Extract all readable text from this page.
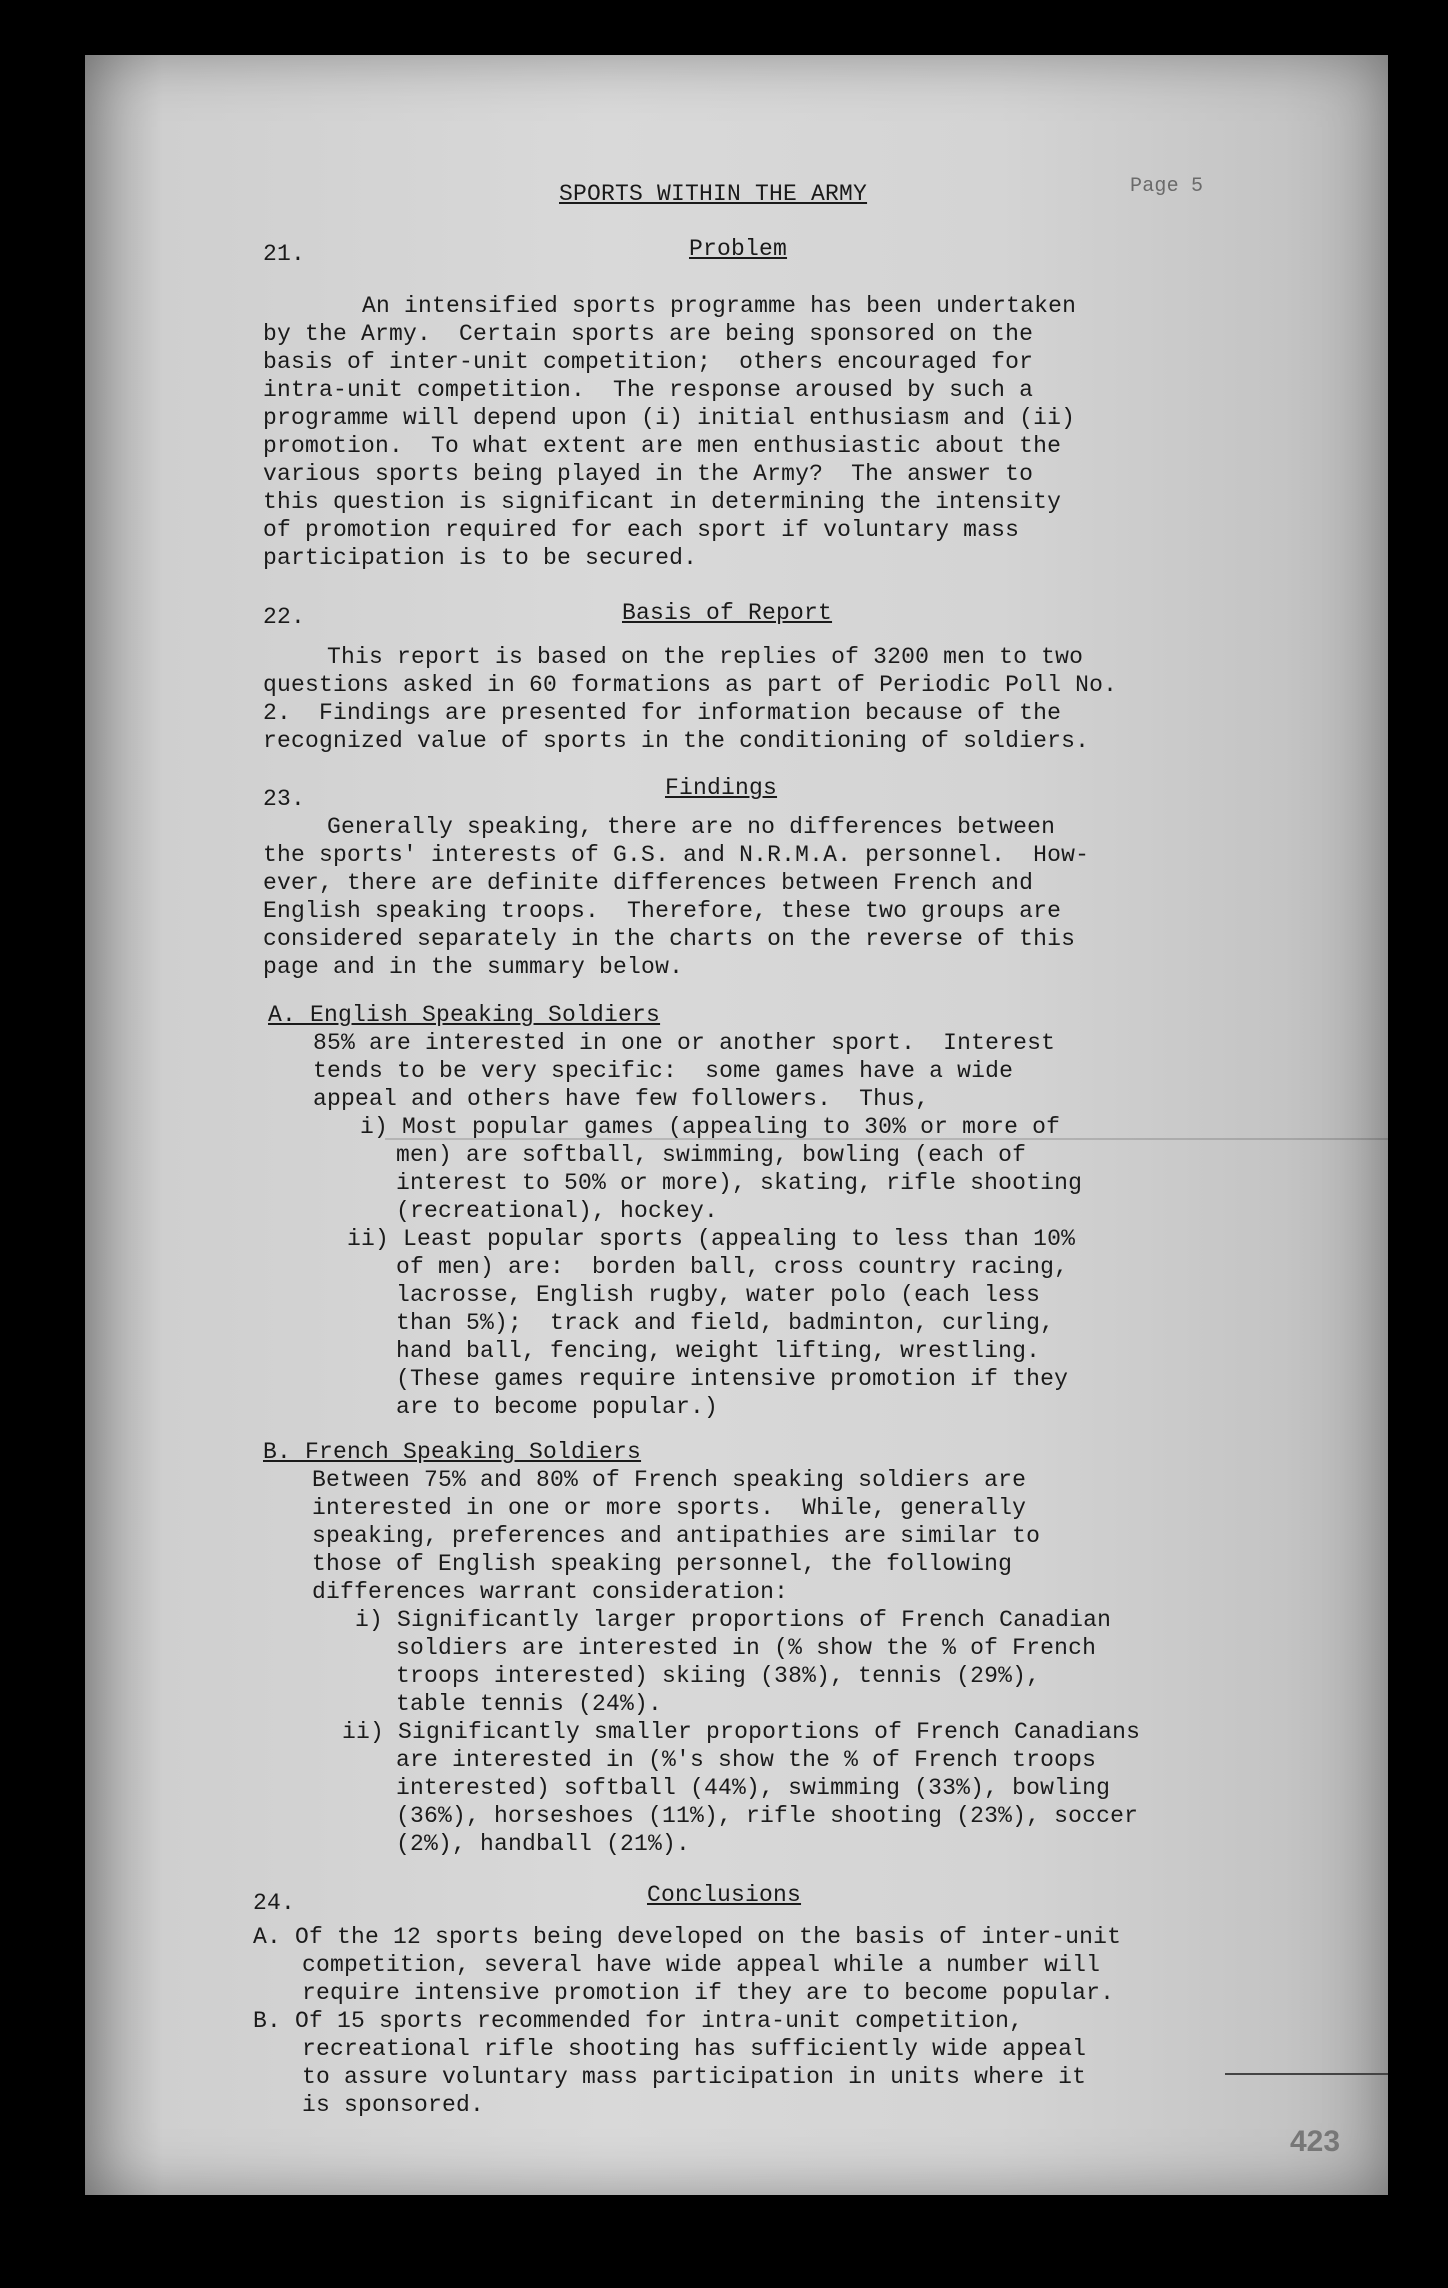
SPORTS WITHIN THE ARMY	Page 5
21.	Problem
An intensified sports programme has been undertaken
by the Army.  Certain sports are being sponsored on the
basis of inter-unit competition;  others encouraged for
intra-unit competition.  The response aroused by such a
programme will depend upon (i) initial enthusiasm and (ii)
promotion.  To what extent are men enthusiastic about the
various sports being played in the Army?  The answer to
this question is significant in determining the intensity
of promotion required for each sport if voluntary mass
participation is to be secured.
22.	Basis of Report
This report is based on the replies of 3200 men to two
questions asked in 60 formations as part of Periodic Poll No.
2.  Findings are presented for information because of the
recognized value of sports in the conditioning of soldiers.
23.	Findings
Generally speaking, there are no differences between
the sports' interests of G.S. and N.R.M.A. personnel.  How-
ever, there are definite differences between French and
English speaking troops.  Therefore, these two groups are
considered separately in the charts on the reverse of this
page and in the summary below.
A. English Speaking Soldiers
85% are interested in one or another sport.  Interest
tends to be very specific:  some games have a wide
appeal and others have few followers.  Thus,
i) Most popular games (appealing to 30% or more of
men) are softball, swimming, bowling (each of
interest to 50% or more), skating, rifle shooting
(recreational), hockey.
ii) Least popular sports (appealing to less than 10%
of men) are:  borden ball, cross country racing,
lacrosse, English rugby, water polo (each less
than 5%);  track and field, badminton, curling,
hand ball, fencing, weight lifting, wrestling.
(These games require intensive promotion if they
are to become popular.)
B. French Speaking Soldiers
Between 75% and 80% of French speaking soldiers are
interested in one or more sports.  While, generally
speaking, preferences and antipathies are similar to
those of English speaking personnel, the following
differences warrant consideration:
i) Significantly larger proportions of French Canadian
soldiers are interested in (% show the % of French
troops interested) skiing (38%), tennis (29%),
table tennis (24%).
ii) Significantly smaller proportions of French Canadians
are interested in (%'s show the % of French troops
interested) softball (44%), swimming (33%), bowling
(36%), horseshoes (11%), rifle shooting (23%), soccer
(2%), handball (21%).
24.	Conclusions
A. Of the 12 sports being developed on the basis of inter-unit
competition, several have wide appeal while a number will
require intensive promotion if they are to become popular.
B. Of 15 sports recommended for intra-unit competition,
recreational rifle shooting has sufficiently wide appeal
to assure voluntary mass participation in units where it
is sponsored.
423
